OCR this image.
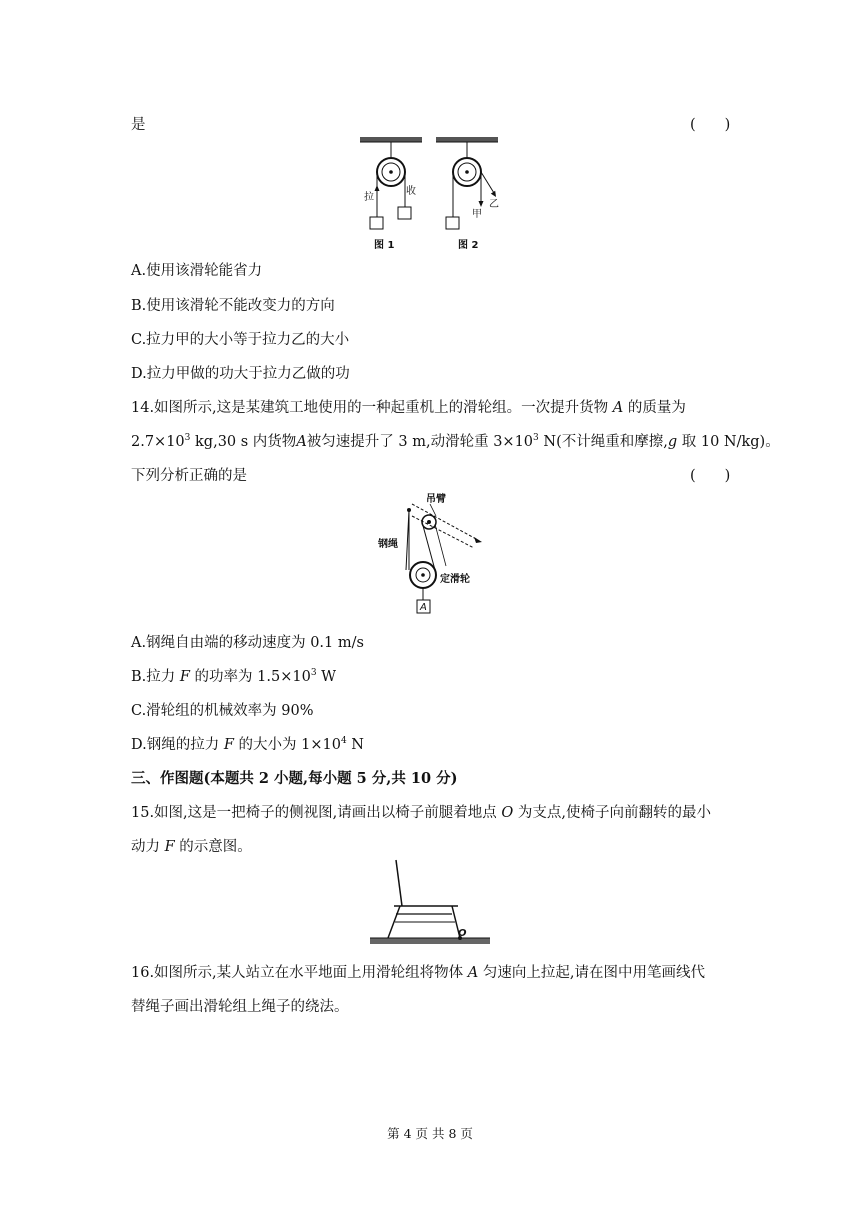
是	(　　)
拉
收
图 1
甲
乙
图 2
A.使用该滑轮能省力
B.使用该滑轮不能改变力的方向
C.拉力甲的大小等于拉力乙的大小
D.拉力甲做的功大于拉力乙做的功
14.如图所示,这是某建筑工地使用的一种起重机上的滑轮组。一次提升货物 A 的质量为
$2.7\times 10^3$ kg,30 s 内货物A被匀速提升了 3 m,动滑轮重 $3\times 10^3$ N(不计绳重和摩擦,g 取 10 N/kg)。
下列分析正确的是	(　　)
A
吊臂
钢绳
定滑轮
A.钢绳自由端的移动速度为 0.1 m/s
B.拉力 F 的功率为 $1.5\times 10^3$ W
C.滑轮组的机械效率为 90%
D.钢绳的拉力 F 的大小为 $1\times 10^4$ N
三、作图题(本题共 2 小题,每小题 5 分,共 10 分)
15.如图,这是一把椅子的侧视图,请画出以椅子前腿着地点 O 为支点,使椅子向前翻转的最小
动力 F 的示意图。
O
16.如图所示,某人站立在水平地面上用滑轮组将物体 A 匀速向上拉起,请在图中用笔画线代
替绳子画出滑轮组上绳子的绕法。
第 4 页 共 8 页
